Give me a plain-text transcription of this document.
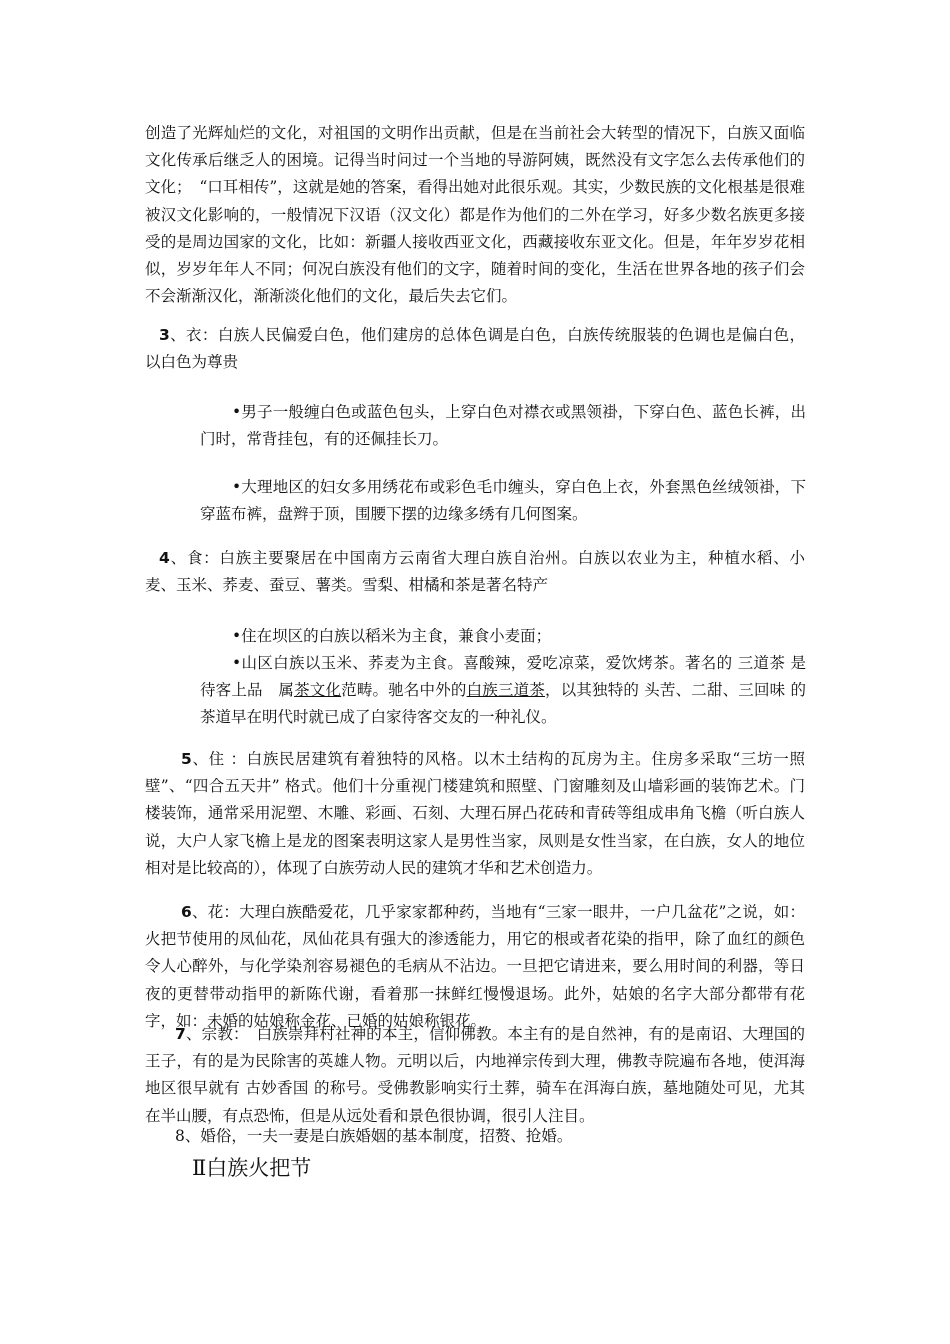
创造了光辉灿烂的文化，对祖国的文明作出贡献，但是在当前社会大转型的情况下，白族又面临文化传承后继乏人的困境。记得当时问过一个当地的导游阿姨，既然没有文字怎么去传承他们的文化；　“口耳相传”，这就是她的答案，看得出她对此很乐观。其实，少数民族的文化根基是很难被汉文化影响的，一般情况下汉语（汉文化）都是作为他们的二外在学习，好多少数名族更多接受的是周边国家的文化，比如：新疆人接收西亚文化，西藏接收东亚文化。但是，年年岁岁花相似，岁岁年年人不同；何况白族没有他们的文字，随着时间的变化，生活在世界各地的孩子们会不会渐渐汉化，渐渐淡化他们的文化，最后失去它们。

3、衣：白族人民偏爱白色，他们建房的总体色调是白色，白族传统服装的色调也是偏白色，以白色为尊贵

•男子一般缠白色或蓝色包头，上穿白色对襟衣或黑领褂，下穿白色、蓝色长裤，出门时，常背挂包，有的还佩挂长刀。

•大理地区的妇女多用绣花布或彩色毛巾缠头，穿白色上衣，外套黑色丝绒领褂，下穿蓝布裤，盘辫于顶，围腰下摆的边缘多绣有几何图案。

4、食：白族主要聚居在中国南方云南省大理白族自治州。白族以农业为主，种植水稻、小麦、玉米、荞麦、蚕豆、薯类。雪梨、柑橘和茶是著名特产

•住在坝区的白族以稻米为主食，兼食小麦面；

•山区白族以玉米、荞麦为主食。喜酸辣，爱吃凉菜，爱饮烤茶。著名的 三道茶 是待客上品　属茶文化范畴。驰名中外的白族三道茶，以其独特的 头苦、二甜、三回味 的茶道早在明代时就已成了白家待客交友的一种礼仪。

5、住 ：白族民居建筑有着独特的风格。以木土结构的瓦房为主。住房多采取“三坊一照壁”、“四合五天井” 格式。他们十分重视门楼建筑和照壁、门窗雕刻及山墙彩画的装饰艺术。门楼装饰，通常采用泥塑、木雕、彩画、石刻、大理石屏凸花砖和青砖等组成串角飞檐（听白族人说，大户人家飞檐上是龙的图案表明这家人是男性当家，凤则是女性当家，在白族，女人的地位相对是比较高的），体现了白族劳动人民的建筑才华和艺术创造力。

6、花：大理白族酷爱花，几乎家家都种药，当地有“三家一眼井，一户几盆花”之说，如：火把节使用的凤仙花，凤仙花具有强大的渗透能力，用它的根或者花染的指甲，除了血红的颜色令人心醉外，与化学染剂容易褪色的毛病从不沾边。一旦把它请进来，要么用时间的利器，等日夜的更替带动指甲的新陈代谢，看着那一抹鲜红慢慢退场。此外，姑娘的名字大部分都带有花字，如：未婚的姑娘称金花、已婚的姑娘称银花。

7、宗教：　白族崇拜村社神的本主，信仰佛教。本主有的是自然神，有的是南诏、大理国的王子，有的是为民除害的英雄人物。元明以后，内地禅宗传到大理，佛教寺院遍布各地，使洱海地区很早就有 古妙香国 的称号。受佛教影响实行土葬，骑车在洱海白族，墓地随处可见，尤其在半山腰，有点恐怖，但是从远处看和景色很协调，很引人注目。

8、婚俗，一夫一妻是白族婚姻的基本制度，招赘、抢婚。

Ⅱ白族火把节
